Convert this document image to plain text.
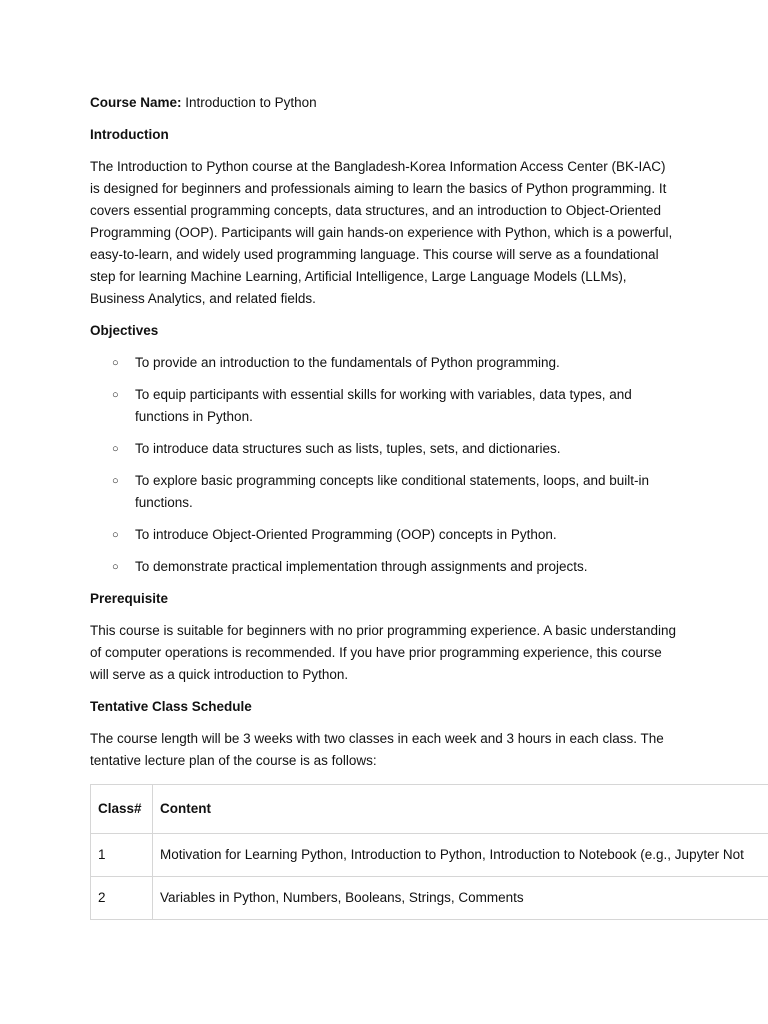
Course Name: Introduction to Python

Introduction

The Introduction to Python course at the Bangladesh-Korea Information Access Center (BK-IAC) is designed for beginners and professionals aiming to learn the basics of Python programming. It covers essential programming concepts, data structures, and an introduction to Object-Oriented Programming (OOP). Participants will gain hands-on experience with Python, which is a powerful, easy-to-learn, and widely used programming language. This course will serve as a foundational step for learning Machine Learning, Artificial Intelligence, Large Language Models (LLMs), Business Analytics, and related fields.

Objectives

○ To provide an introduction to the fundamentals of Python programming.
○ To equip participants with essential skills for working with variables, data types, and functions in Python.
○ To introduce data structures such as lists, tuples, sets, and dictionaries.
○ To explore basic programming concepts like conditional statements, loops, and built-in functions.
○ To introduce Object-Oriented Programming (OOP) concepts in Python.
○ To demonstrate practical implementation through assignments and projects.

Prerequisite

This course is suitable for beginners with no prior programming experience. A basic understanding of computer operations is recommended. If you have prior programming experience, this course will serve as a quick introduction to Python.

Tentative Class Schedule

The course length will be 3 weeks with two classes in each week and 3 hours in each class. The tentative lecture plan of the course is as follows:

Class#	Content
1	Motivation for Learning Python, Introduction to Python, Introduction to Notebook (e.g., Jupyter Not
2	Variables in Python, Numbers, Booleans, Strings, Comments
